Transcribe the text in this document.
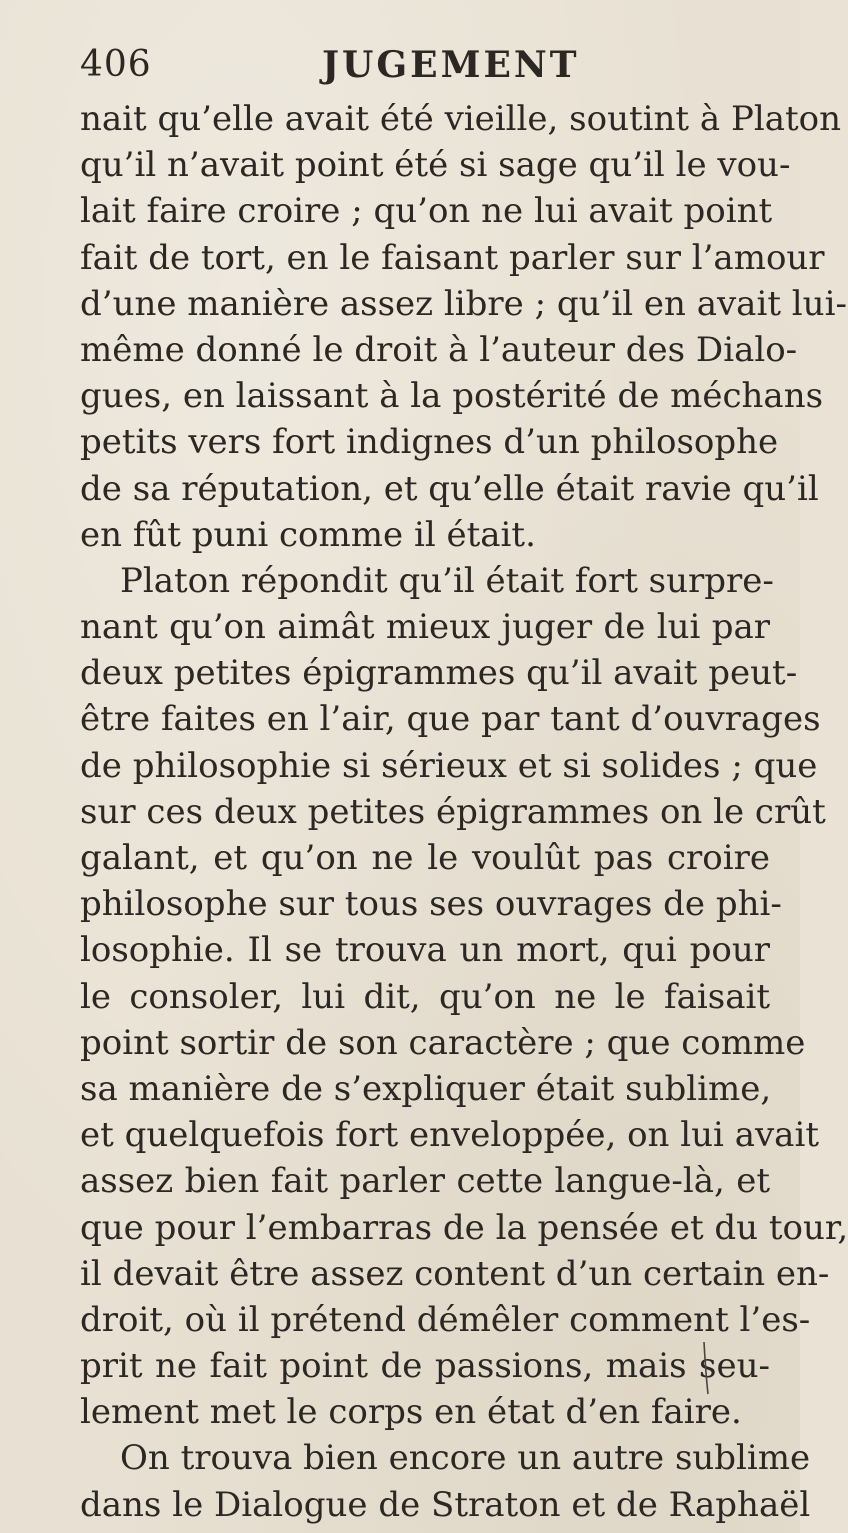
406	JUGEMENT
nait qu’elle avait été vieille, soutint à Platon
qu’il n’avait point été si sage qu’il le vou-
lait faire croire ; qu’on ne lui avait point
fait de tort, en le faisant parler sur l’amour
d’une manière assez libre ; qu’il en avait lui-
même donné le droit à l’auteur des Dialo-
gues, en laissant à la postérité de méchans
petits vers fort indignes d’un philosophe
de sa réputation, et qu’elle était ravie qu’il
en fût puni comme il était.
Platon répondit qu’il était fort surpre-
nant qu’on aimât mieux juger de lui par
deux petites épigrammes qu’il avait peut-
être faites en l’air, que par tant d’ouvrages
de philosophie si sérieux et si solides ; que
sur ces deux petites épigrammes on le crût
galant, et qu’on ne le voulût pas croire
philosophe sur tous ses ouvrages de phi-
losophie. Il se trouva un mort, qui pour
le consoler, lui dit, qu’on ne le faisait
point sortir de son caractère ; que comme
sa manière de s’expliquer était sublime,
et quelquefois fort enveloppée, on lui avait
assez bien fait parler cette langue-là, et
que pour l’embarras de la pensée et du tour,
il devait être assez content d’un certain en-
droit, où il prétend démêler comment l’es-
prit ne fait point de passions, mais seu-
lement met le corps en état d’en faire.
On trouva bien encore un autre sublime
dans le Dialogue de Straton et de Raphaël
